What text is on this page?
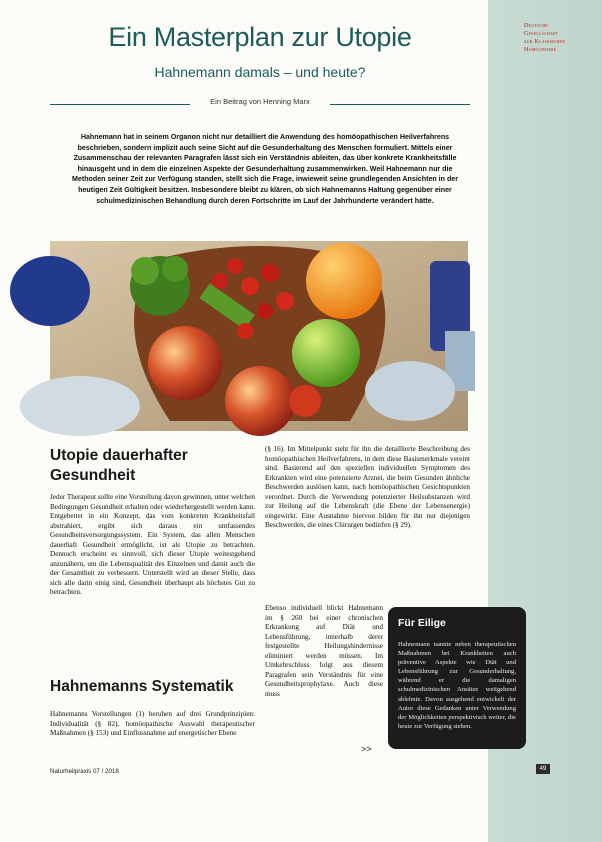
Deutsche
Gesellschaft
zur Klassischen
Homöopathie
Ein Masterplan zur Utopie
Hahnemann damals – und heute?
Ein Beitrag von Henning Marx
Hahnemann hat in seinem Organon nicht nur detailliert die Anwendung des homöopathischen Heilverfahrens beschrieben, sondern implizit auch seine Sicht auf die Gesunderhaltung des Menschen formuliert. Mittels einer Zusammenschau der relevanten Paragrafen lässt sich ein Verständnis ableiten, das über konkrete Krankheitsfälle hinausgeht und in dem die einzelnen Aspekte der Gesunderhaltung zusammenwirken. Weil Hahnemann nur die Methoden seiner Zeit zur Verfügung standen, stellt sich die Frage, inwieweit seine grundlegenden Ansichten in der heutigen Zeit Gültigkeit besitzen. Insbesondere bleibt zu klären, ob sich Hahnemanns Haltung gegenüber einer schulmedizinischen Behandlung durch deren Fortschritte im Lauf der Jahrhunderte verändert hätte.
Utopie dauerhafter Gesundheit
Jeder Therapeut sollte eine Vorstellung davon gewinnen, unter welchen Bedingungen Gesundheit erhalten oder wiederhergestellt werden kann. Entgebettet in ein Konzept, das vom konkreten Krankheitsfall abstrahiert, ergibt sich daraus ein umfassendes Gesundheitsversorgungssystem. Ein System, das allen Menschen dauerhaft Gesundheit ermöglicht, ist als Utopie zu betrachten. Dennoch erscheint es sinnvoll, sich dieser Utopie weitestgehend anzunähern, um die Lebensqualität des Einzelnen und damit auch die der Gesamtheit zu verbessern. Unterstellt wird an dieser Stelle, dass sich alle darin einig sind, Gesundheit überhaupt als höchstes Gut zu betrachten.
Hahnemanns Systematik
Hahnemanns Vorstellungen (1) beruhen auf drei Grundprinzipien: Individualität (§ 82), homöopathische Auswahl therapeutischer Maßnahmen (§ 153) und Einflussnahme auf energetischer Ebene
(§ 16). Im Mittelpunkt steht für ihn die detaillierte Beschreibung des homöopathischen Heilverfahrens, in dem diese Basismerkmale vereint sind. Basierend auf den speziellen individuellen Symptomen des Erkrankten wird eine potenzierte Arznei, die beim Gesunden ähnliche Beschwerden auslösen kann, nach homöopathischen Gesichtspunkten verordnet. Durch die Verwendung potenzierter Heilsubstanzen wird zur Heilung auf die Lebenskraft (die Ebene der Lebensenergie) eingewirkt. Eine Ausnahme hiervon bilden für ihn nur diejenigen Beschwerden, die eines Chirurgen bedürfen (§ 29).
Ebenso individuell blickt Hahnemann im § 260 bei einer chronischen Erkrankung auf Diät und Lebensführung, innerhalb derer festgestellte Heilungshindernisse eliminiert werden müssen. Im Umkehrschluss folgt aus diesem Paragrafen sein Verständnis für eine Gesundheitsprophylaxe. Auch diese muss
>>
Für Eilige

Hahnemann nannte neben therapeutischen Maßnahmen bei Krankheiten auch präventive Aspekte wie Diät und Lebensführung zur Gesunderhaltung, während er die damaligen schulmedizinischen Ansätze weitgehend ablehnte. Davon ausgehend entwickelt der Autor diese Gedanken unter Verwendung der Möglichkeiten perspektivisch weiter, die heute zur Verfügung stehen.

Naturheilpraxis 07 / 2018	49
